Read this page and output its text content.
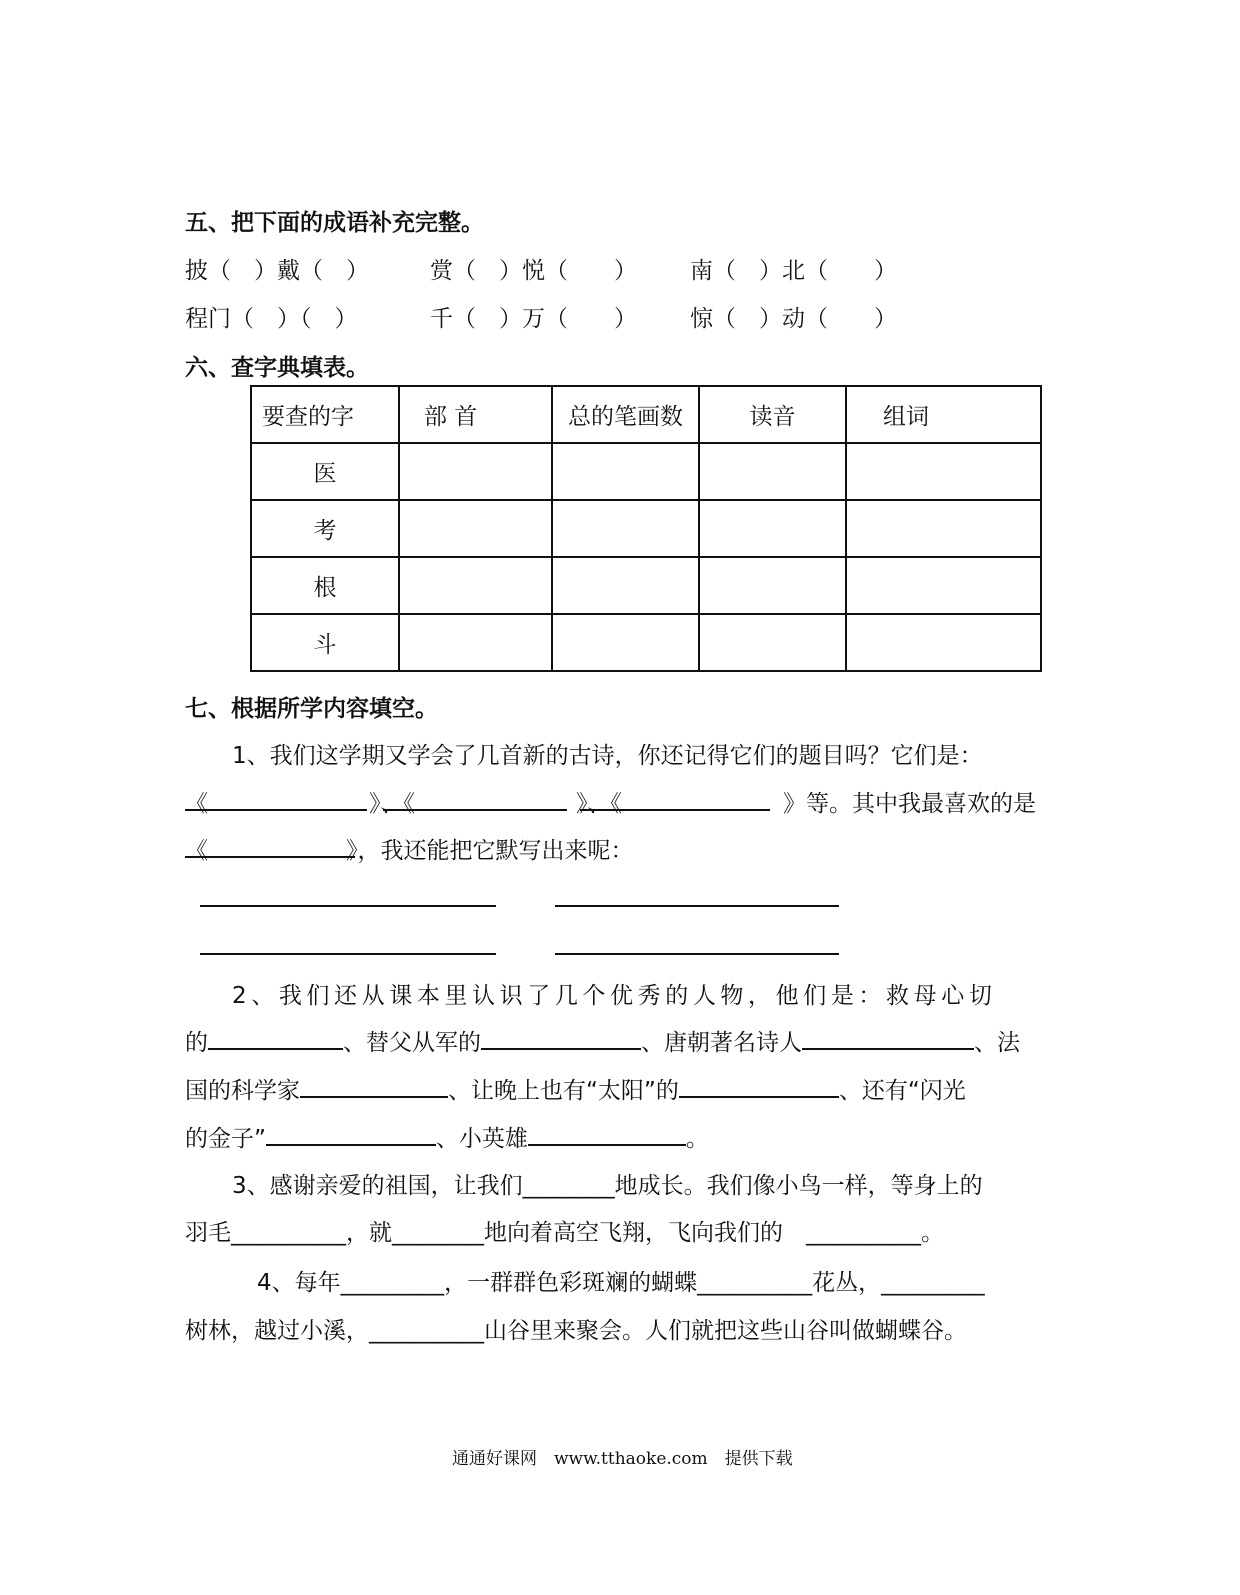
五、把下面的成语补充完整。
披（　）戴（　）	赏（　）悦（　　） 南（　）北（　　）
程门（　）（　）	千（　）万（　　） 惊（　）动（　　）
六、查字典填表。
要查的字	部 首	总的笔画数	读音	组词
医				
考				
根				
斗				
七、根据所学内容填空。
1、我们这学期又学会了几首新的古诗，你还记得它们的题目吗？它们是：
《　　　　　　　》、《　　　　　　　》、《　　　　　　　》等。其中我最喜欢的是
《　　　　　　》，我还能把它默写出来呢：
2、我们还从课本里认识了几个优秀的人物，他们是：救母心切
的	、替父从军的	、唐朝著名诗人	、法
国的科学家	、让晚上也有“太阳”的	、还有“闪光
的金子”	、小英雄	。
3、感谢亲爱的祖国，让我们________地成长。我们像小鸟一样，等身上的
羽毛__________，就________地向着高空飞翔，飞向我们的　__________。
4、每年_________，一群群色彩斑斓的蝴蝶__________花丛，_________
树林，越过小溪，__________山谷里来聚会。人们就把这些山谷叫做蝴蝶谷。
通通好课网　www.tthaoke.com　提供下载
